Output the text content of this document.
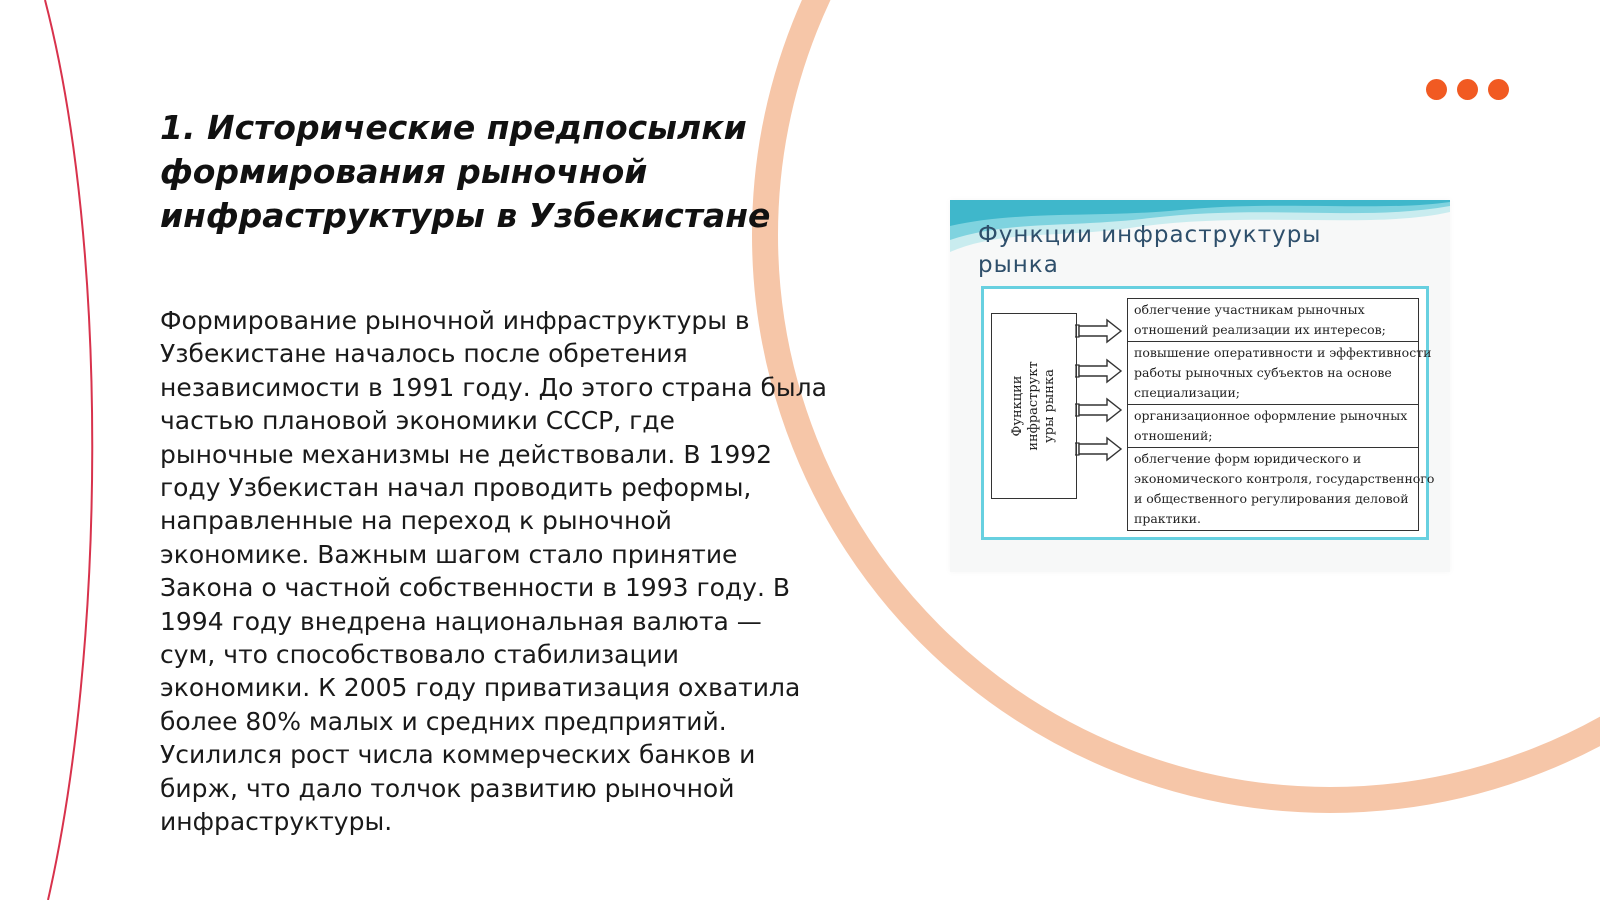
1. Исторические предпосылки
формирования рыночной
инфраструктуры в Узбекистане

Формирование рыночной инфраструктуры в
Узбекистане началось после обретения
независимости в 1991 году. До этого страна была
частью плановой экономики СССР, где
рыночные механизмы не действовали. В 1992
году Узбекистан начал проводить реформы,
направленные на переход к рыночной
экономике. Важным шагом стало принятие
Закона о частной собственности в 1993 году. В
1994 году внедрена национальная валюта —
сум, что способствовало стабилизации
экономики. К 2005 году приватизация охватила
более 80% малых и средних предприятий.
Усилился рост числа коммерческих банков и
бирж, что дало толчок развитию рыночной
инфраструктуры.

Функции инфраструктуры
рынка
Функции инфраструкт уры рынка
облегчение участникам рыночных
отношений реализации их интересов;
повышение оперативности и эффективности
работы рыночных субъектов на основе
специализации;
организационное оформление рыночных
отношений;
облегчение форм юридического и
экономического контроля, государственного
и общественного регулирования деловой
практики.
